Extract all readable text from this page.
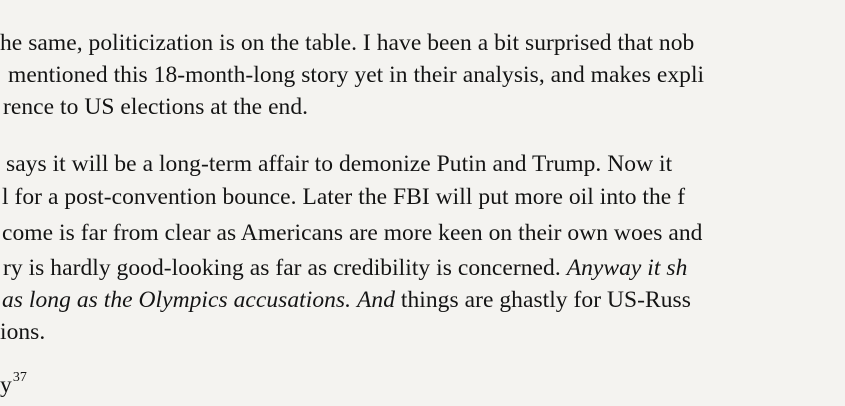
he same, politicization is on the table. I have been a bit surprised that nob
mentioned this 18-month-long story yet in their analysis, and makes expli
rence to US elections at the end.
says it will be a long-term affair to demonize Putin and Trump. Now it
l for a post-convention bounce. Later the FBI will put more oil into the f
come is far from clear as Americans are more keen on their own woes and
ry is hardly good-looking as far as credibility is concerned. Anyway it sh
as long as the Olympics accusations. And things are ghastly for US-Russ
ions.
$y^{37}$
